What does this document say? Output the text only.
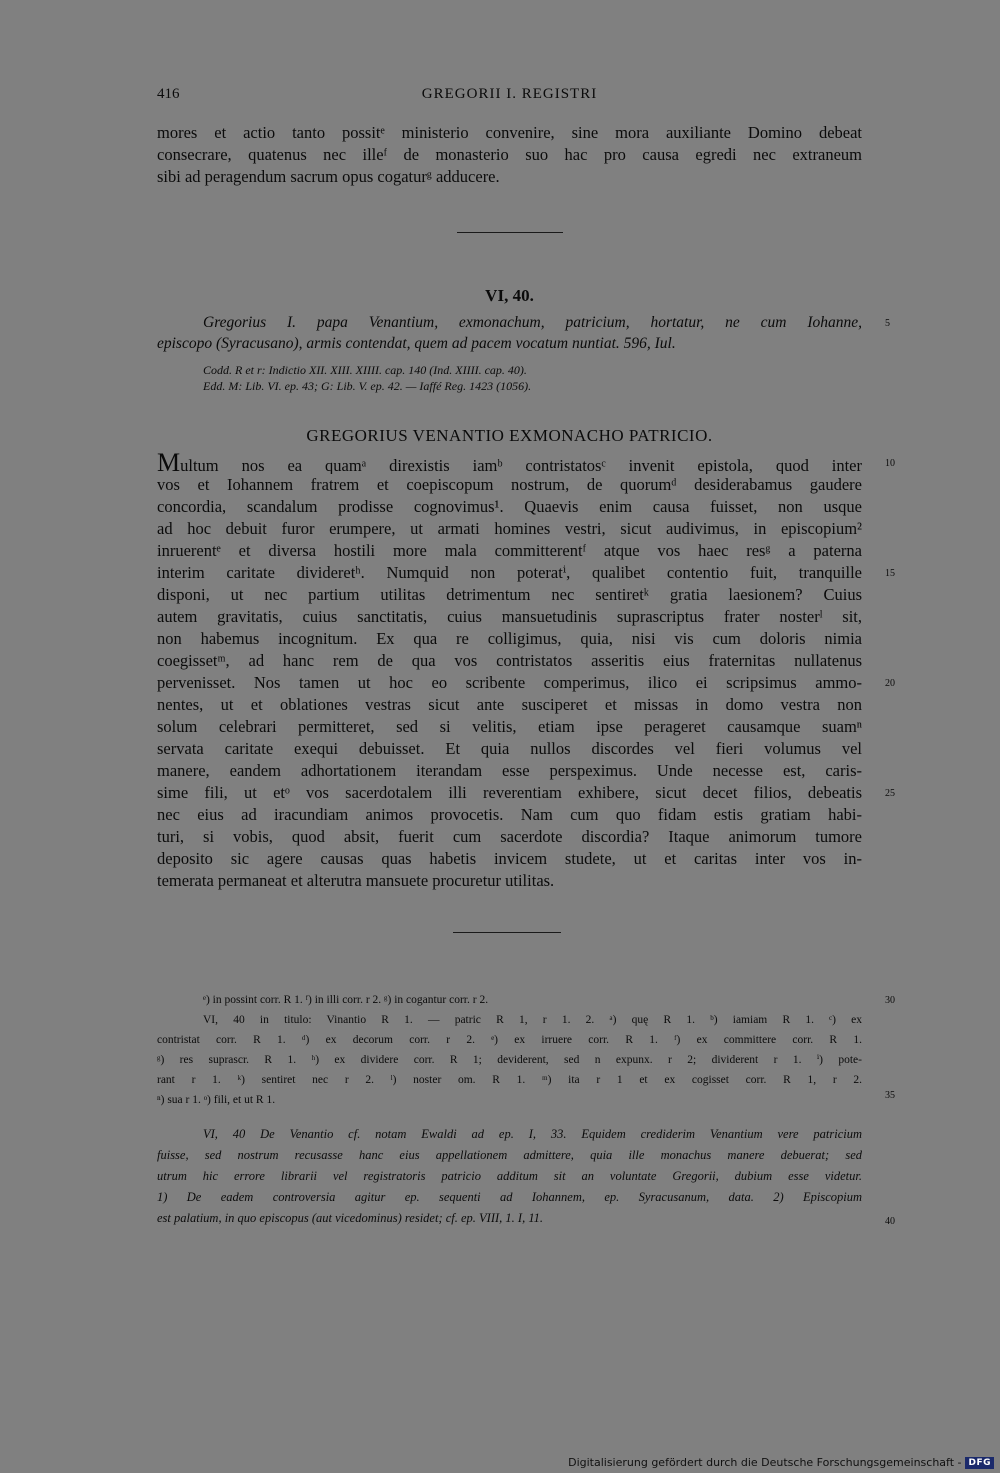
416	GREGORII I. REGISTRI
mores et actio tanto possitᵉ ministerio convenire, sine mora auxiliante Domino debeat
consecrare, quatenus nec illeᶠ de monasterio suo hac pro causa egredi nec extraneum
sibi ad peragendum sacrum opus cogaturᵍ adducere.
VI, 40.
Gregorius I. papa Venantium, exmonachum, patricium, hortatur, ne cum Iohanne,
episcopo (Syracusano), armis contendat, quem ad pacem vocatum nuntiat. 596, Iul.
5
Codd. R et r: Indictio XII. XIII. XIIII. cap. 140 (Ind. XIIII. cap. 40).
Edd. M: Lib. VI. ep. 43; G: Lib. V. ep. 42. — Iaffé Reg. 1423 (1056).
GREGORIUS VENANTIO EXMONACHO PATRICIO.
Multum nos ea quamᵃ direxistis iamᵇ contristatosᶜ invenit epistola, quod inter
vos et Iohannem fratrem et coepiscopum nostrum, de quorumᵈ desiderabamus gaudere
concordia, scandalum prodisse cognovimus¹. Quaevis enim causa fuisset, non usque
ad hoc debuit furor erumpere, ut armati homines vestri, sicut audivimus, in episcopium²
inruerentᵉ et diversa hostili more mala committerentᶠ atque vos haec resᵍ a paterna
interim caritate divideretʰ. Numquid non poteratⁱ, qualibet contentio fuit, tranquille
disponi, ut nec partium utilitas detrimentum nec sentiretᵏ gratia laesionem? Cuius
autem gravitatis, cuius sanctitatis, cuius mansuetudinis suprascriptus frater nosterˡ sit,
non habemus incognitum. Ex qua re colligimus, quia, nisi vis cum doloris nimia
coegissetᵐ, ad hanc rem de qua vos contristatos asseritis eius fraternitas nullatenus
pervenisset. Nos tamen ut hoc eo scribente comperimus, ilico ei scripsimus ammo-
nentes, ut et oblationes vestras sicut ante susciperet et missas in domo vestra non
solum celebrari permitteret, sed si velitis, etiam ipse perageret causamque suamⁿ
servata caritate exequi debuisset. Et quia nullos discordes vel fieri volumus vel
manere, eandem adhortationem iterandam esse perspeximus. Unde necesse est, caris-
sime fili, ut etᵒ vos sacerdotalem illi reverentiam exhibere, sicut decet filios, debeatis
nec eius ad iracundiam animos provocetis. Nam cum quo fidam estis gratiam habi-
turi, si vobis, quod absit, fuerit cum sacerdote discordia? Itaque animorum tumore
deposito sic agere causas quas habetis invicem studete, ut et caritas inter vos in-
temerata permaneat et alterutra mansuete procuretur utilitas.
10
15
20
25
ᵉ) in possint corr. R 1. ᶠ) in illi corr. r 2. ᵍ) in cogantur corr. r 2.
VI, 40 in titulo: Vinantio R 1. — patric R 1, r 1. 2. ᵃ) quę R 1. ᵇ) iamiam R 1. ᶜ) ex
contristat corr. R 1. ᵈ) ex decorum corr. r 2. ᵉ) ex irruere corr. R 1. ᶠ) ex committere corr. R 1.
ᵍ) res suprascr. R 1. ʰ) ex dividere corr. R 1; deviderent, sed n expunx. r 2; dividerent r 1. ⁱ) pote-
rant r 1. ᵏ) sentiret nec r 2. ˡ) noster om. R 1. ᵐ) ita r 1 et ex cogisset corr. R 1, r 2.
ⁿ) sua r 1. ᵒ) fili, et ut R 1.
30
35
VI, 40 De Venantio cf. notam Ewaldi ad ep. I, 33. Equidem crediderim Venantium vere patricium
fuisse, sed nostrum recusasse hanc eius appellationem admittere, quia ille monachus manere debuerat; sed
utrum hic errore librarii vel registratoris patricio additum sit an voluntate Gregorii, dubium esse videtur.
1) De eadem controversia agitur ep. sequenti ad Iohannem, ep. Syracusanum, data. 2) Episcopium
est palatium, in quo episcopus (aut vicedominus) residet; cf. ep. VIII, 1. I, 11.	40
Digitalisierung gefördert durch die Deutsche Forschungsgemeinschaft - DFG
